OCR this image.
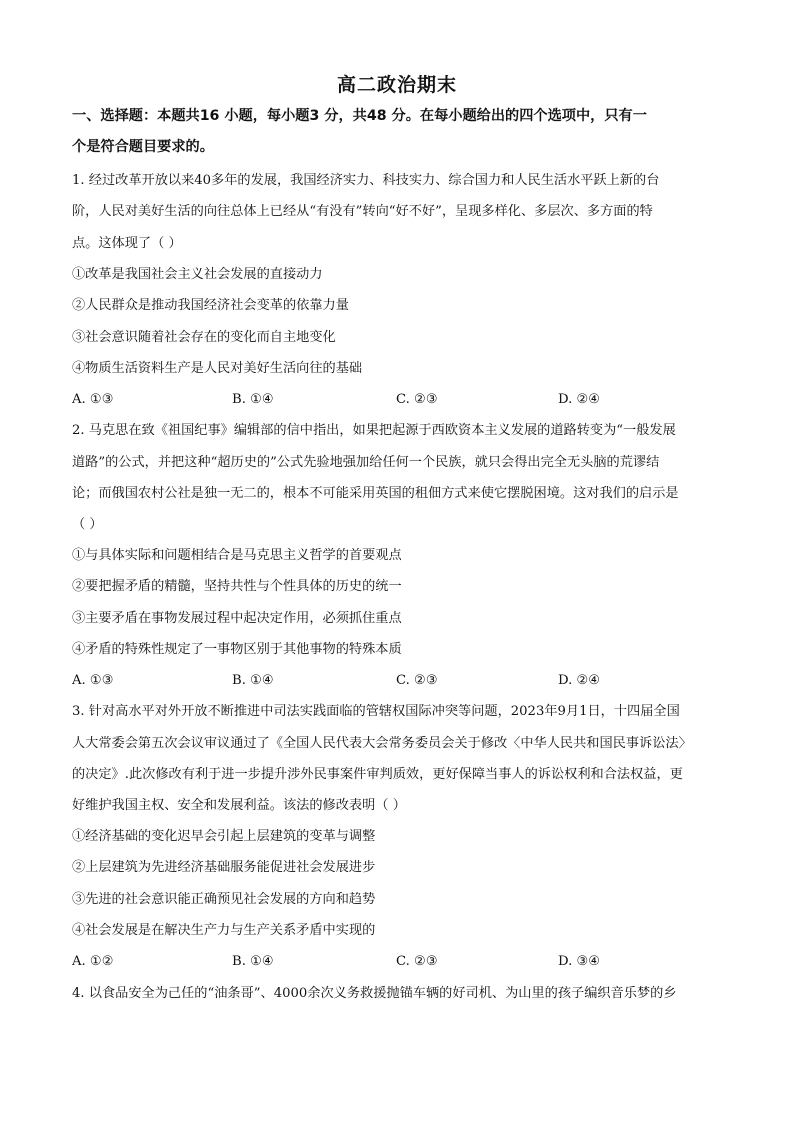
高二政治期末
一、选择题：本题共16 小题，每小题3 分，共48 分。在每小题给出的四个选项中，只有一
个是符合题目要求的。
1. 经过改革开放以来40多年的发展，我国经济实力、科技实力、综合国力和人民生活水平跃上新的台
阶，人民对美好生活的向往总体上已经从“有没有”转向“好不好”，呈现多样化、多层次、多方面的特
点。这体现了（ ）
①改革是我国社会主义社会发展的直接动力
②人民群众是推动我国经济社会变革的依靠力量
③社会意识随着社会存在的变化而自主地变化
④物质生活资料生产是人民对美好生活向往的基础
A. ①③	B. ①④	C. ②③	D. ②④
2. 马克思在致《祖国纪事》编辑部的信中指出，如果把起源于西欧资本主义发展的道路转变为“一般发展
道路”的公式，并把这种“超历史的”公式先验地强加给任何一个民族，就只会得出完全无头脑的荒谬结
论；而俄国农村公社是独一无二的，根本不可能采用英国的租佃方式来使它摆脱困境。这对我们的启示是
（ ）
①与具体实际和问题相结合是马克思主义哲学的首要观点
②要把握矛盾的精髓，坚持共性与个性具体的历史的统一
③主要矛盾在事物发展过程中起决定作用，必须抓住重点
④矛盾的特殊性规定了一事物区别于其他事物的特殊本质
A. ①③	B. ①④	C. ②③	D. ②④
3. 针对高水平对外开放不断推进中司法实践面临的管辖权国际冲突等问题，2023年9月1日，十四届全国
人大常委会第五次会议审议通过了《全国人民代表大会常务委员会关于修改〈中华人民共和国民事诉讼法〉
的决定》.此次修改有利于进一步提升涉外民事案件审判质效，更好保障当事人的诉讼权利和合法权益，更
好维护我国主权、安全和发展利益。该法的修改表明（ ）
①经济基础的变化迟早会引起上层建筑的变革与调整
②上层建筑为先进经济基础服务能促进社会发展进步
③先进的社会意识能正确预见社会发展的方向和趋势
④社会发展是在解决生产力与生产关系矛盾中实现的
A. ①②	B. ①④	C. ②③	D. ③④
4. 以食品安全为己任的“油条哥”、4000余次义务救援抛锚车辆的好司机、为山里的孩子编织音乐梦的乡
